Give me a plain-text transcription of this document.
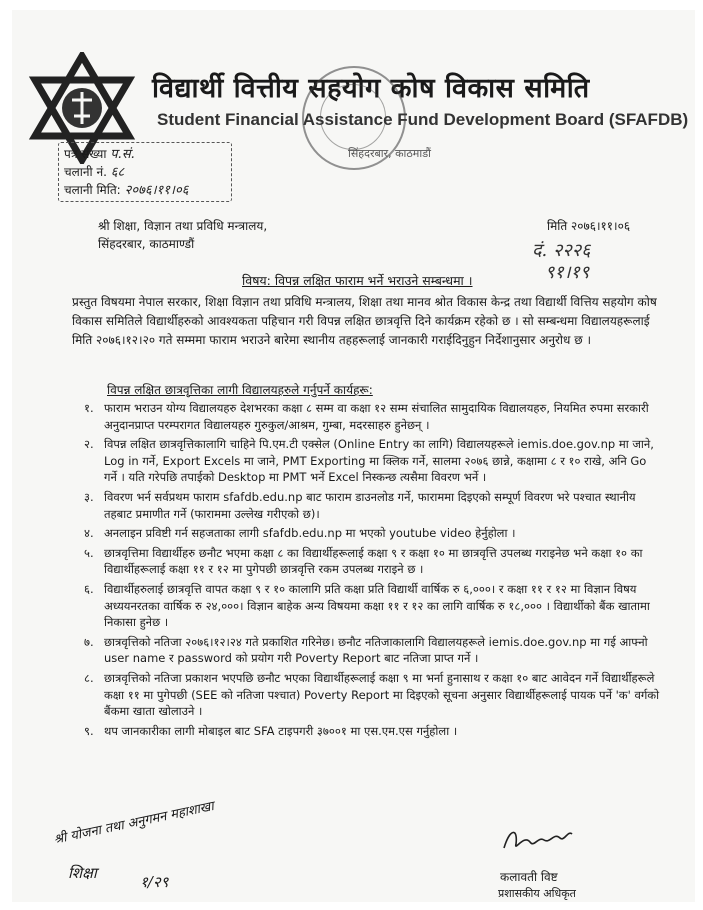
विद्यार्थी वित्तीय सहयोग कोष विकास समिति
Student Financial Assistance Fund Development Board (SFAFDB)
सिंहदरबार, काठमाडौं
पत्र संख्या प.सं.
चलानी नं. ६८
चलानी मिति: २०७६।११।०६
श्री शिक्षा, विज्ञान तथा प्रविधि मन्त्रालय,
सिंहदरबार, काठमाण्डौं
मिति २०७६।११।०६
दं. २२२६
९१।१९
विषय: विपन्न लक्षित फाराम भर्ने भराउने सम्बन्धमा ।
प्रस्तुत विषयमा नेपाल सरकार, शिक्षा विज्ञान तथा प्रविधि मन्त्रालय, शिक्षा तथा मानव श्रोत विकास केन्द्र तथा विद्यार्थी वित्तिय सहयोग कोष विकास समितिले विद्यार्थीहरुको आवश्यकता पहिचान गरी विपन्न लक्षित छात्रवृत्ति दिने कार्यक्रम रहेको छ । सो सम्बन्धमा विद्यालयहरूलाई मिति २०७६।१२।२० गते सम्ममा फाराम भराउने बारेमा स्थानीय तहहरूलाई जानकारी गराईदिनुहुन निर्देशानुसार अनुरोध छ ।
विपन्न लक्षित छात्रवृत्तिका लागी विद्यालयहरुले गर्नुपर्ने कार्यहरू:
१. फाराम भराउन योग्य विद्यालयहरु देशभरका कक्षा ८ सम्म वा कक्षा १२ सम्म संचालित सामुदायिक विद्यालयहरु, नियमित रुपमा सरकारी अनुदानप्राप्त परम्परागत विद्यालयहरु गुरुकुल/आश्रम, गुम्बा, मदरसाहरु हुनेछन् ।
२. विपन्न लक्षित छात्रवृत्तिकालागि चाहिने पि.एम.टी एक्सेल (Online Entry का लागि) विद्यालयहरूले iemis.doe.gov.np मा जाने, Log in गर्ने, Export Excels मा जाने, PMT Exporting मा क्लिक गर्ने, सालमा २०७६ छान्ने, कक्षामा ८ र १० राखे, अनि Go गर्ने । यति गरेपछि तपाईको Desktop मा PMT भर्ने Excel निस्कन्छ त्यसैमा विवरण भर्ने ।
३. विवरण भर्न सर्वप्रथम फाराम sfafdb.edu.np बाट फाराम डाउनलोड गर्ने, फाराममा दिइएको सम्पूर्ण विवरण भरे पश्चात स्थानीय तहबाट प्रमाणीत गर्ने (फाराममा उल्लेख गरीएको छ)।
४. अनलाइन प्रविष्टी गर्न सहजताका लागी sfafdb.edu.np मा भएको youtube video हेर्नुहोला ।
५. छात्रवृत्तिमा विद्यार्थीहरु छनौट भएमा कक्षा ८ का विद्यार्थीहरूलाई कक्षा ९ र कक्षा १० मा छात्रवृत्ति उपलब्ध गराइनेछ भने कक्षा १० का विद्यार्थीहरूलाई कक्षा ११ र १२ मा पुगेपछी छात्रवृत्ति रकम उपलब्ध गराइने छ ।
६. विद्यार्थीहरुलाई छात्रवृत्ति वापत कक्षा ९ र १० कालागि प्रति कक्षा प्रति विद्यार्थी वार्षिक रु ६,०००। र कक्षा ११ र १२ मा विज्ञान विषय अध्ययनरतका वार्षिक रु २४,०००। विज्ञान बाहेक अन्य विषयमा कक्षा ११ र १२ का लागि वार्षिक रु १८,००० । विद्यार्थीको बैंक खातामा निकासा हुनेछ ।
७. छात्रवृत्तिको नतिजा २०७६।१२।२४ गते प्रकाशित गरिनेछ। छनौट नतिजाकालागि विद्यालयहरूले iemis.doe.gov.np मा गई आफ्नो user name र password को प्रयोग गरी Poverty Report बाट नतिजा प्राप्त गर्ने ।
८. छात्रवृत्तिको नतिजा प्रकाशन भएपछि छनौट भएका विद्यार्थीहरूलाई कक्षा ९ मा भर्ना हुनासाथ र कक्षा १० बाट आवेदन गर्ने विद्यार्थीहरूले कक्षा ११ मा पुगेपछी (SEE को नतिजा पश्चात) Poverty Report मा दिइएको सूचना अनुसार विद्यार्थीहरूलाई पायक पर्ने 'क' वर्गको बैंकमा खाता खोलाउने ।
९. थप जानकारीका लागी मोबाइल बाट SFA टाइपगरी ३७००१ मा एस.एम.एस गर्नुहोला ।
श्री योजना तथा अनुगमन महाशाखा
शिक्षा	१/२९	कलावती विष्ट
प्रशासकीय अधिकृत
